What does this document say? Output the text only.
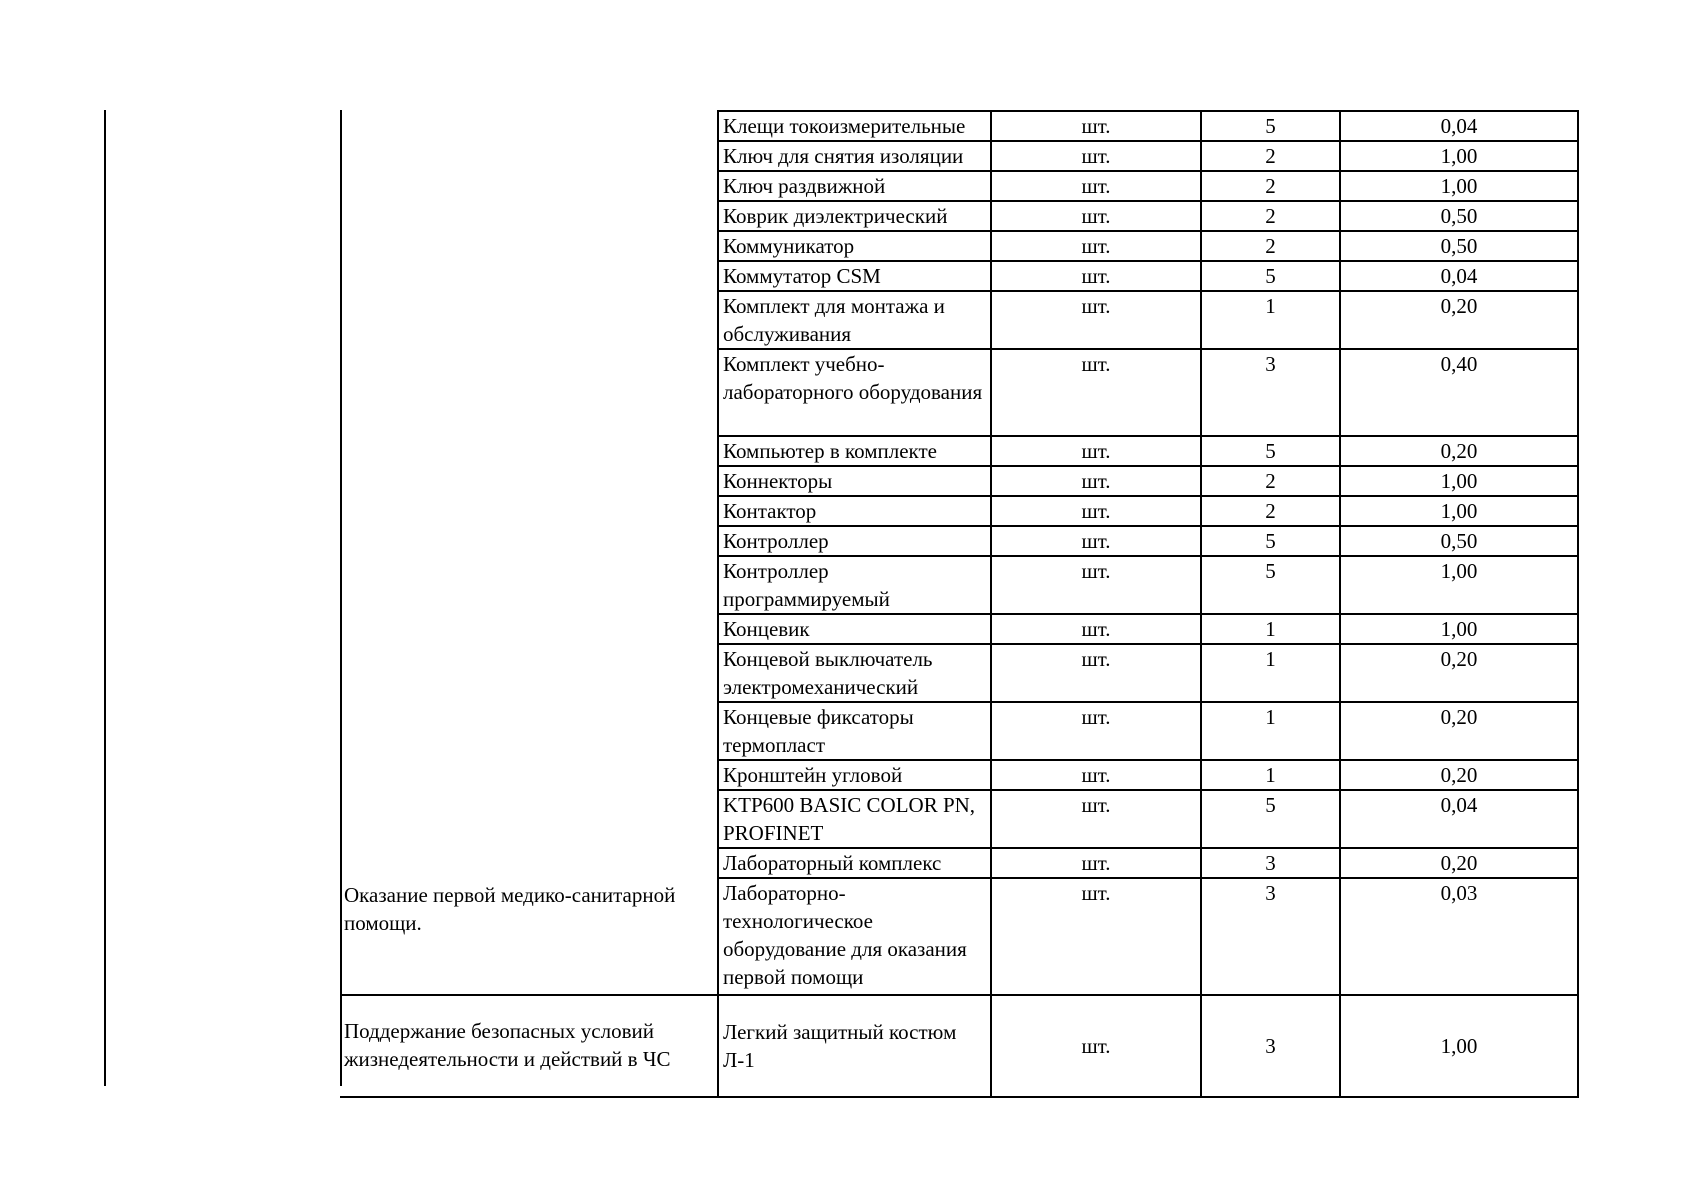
Оказание первой медико-санитарной помощи.	Клещи токоизмерительные	шт.	5	0,04
	Ключ для снятия изоляции	шт.	2	1,00
	Ключ раздвижной	шт.	2	1,00
	Коврик диэлектрический	шт.	2	0,50
	Коммуникатор	шт.	2	0,50
	Коммутатор CSM	шт.	5	0,04
	Комплект для монтажа и обслуживания	шт.	1	0,20
	Комплект учебно-лабораторного оборудования	шт.	3	0,40
	Компьютер в комплекте	шт.	5	0,20
	Коннекторы	шт.	2	1,00
	Контактор	шт.	2	1,00
	Контроллер	шт.	5	0,50
	Контроллер программируемый	шт.	5	1,00
	Концевик	шт.	1	1,00
	Концевой выключатель электромеханический	шт.	1	0,20
	Концевые фиксаторы термопласт	шт.	1	0,20
	Кронштейн угловой	шт.	1	0,20
	KTP600 BASIC COLOR PN, PROFINET	шт.	5	0,04
	Лабораторный комплекс	шт.	3	0,20
	Лабораторно-технологическое оборудование для оказания первой помощи	шт.	3	0,03

Поддержание безопасных условий жизнедеятельности и действий в ЧС	Легкий защитный костюм Л-1	шт.	3	1,00
